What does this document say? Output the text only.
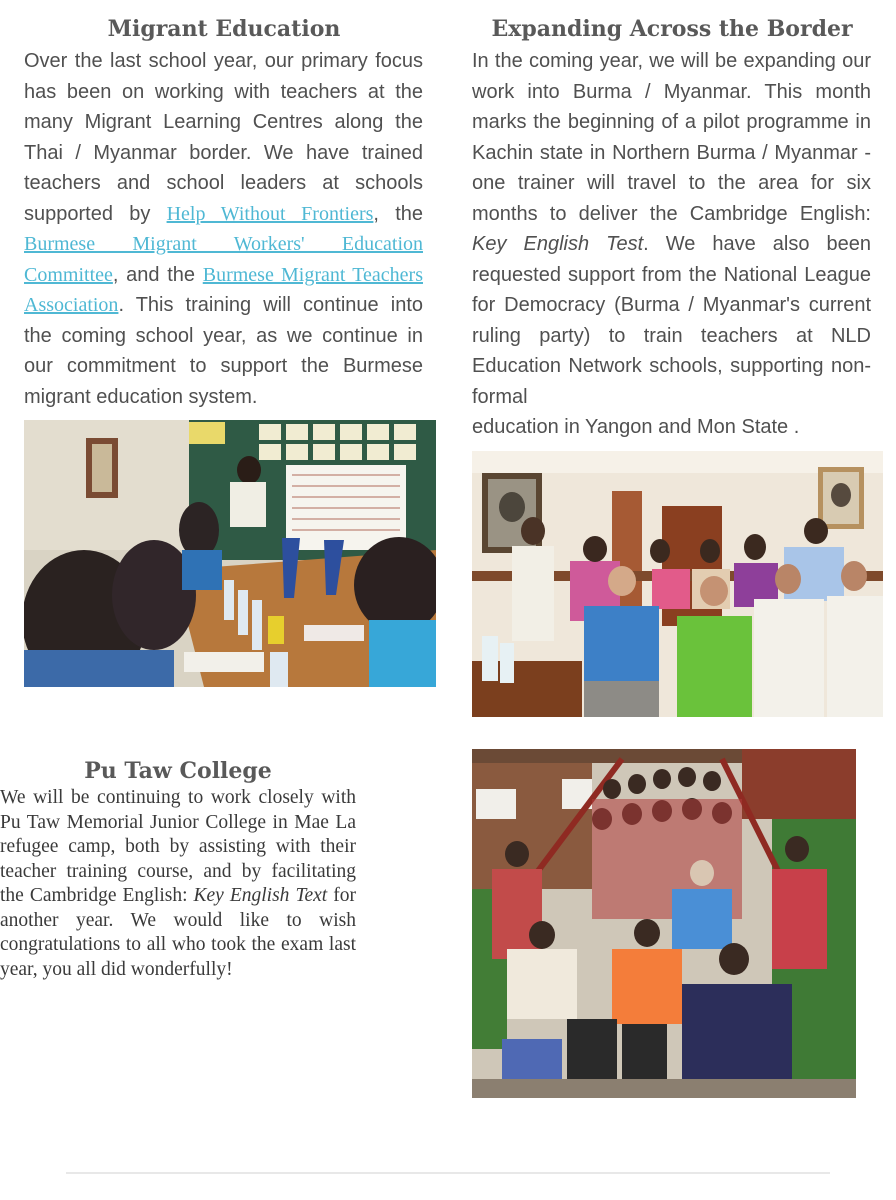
Migrant Education

Over the last school year, our primary focus has been on working with teachers at the many Migrant Learning Centres along the Thai / Myanmar border. We have trained teachers and school leaders at schools supported by Help Without Frontiers, the Burmese Migrant Workers' Education Committee, and the Burmese Migrant Teachers Association. This training will continue into the coming school year, as we continue in our commitment to support the Burmese migrant education system.

Expanding Across the Border

In the coming year, we will be expanding our work into Burma / Myanmar. This month marks the beginning of a pilot programme in Kachin state in Northern Burma / Myanmar - one trainer will travel to the area for six months to deliver the Cambridge English: Key English Test. We have also been requested support from the National League for Democracy (Burma / Myanmar's current ruling party) to train teachers at NLD Education Network schools, supporting non-formal
education in Yangon and Mon State .

Pu Taw College

We will be continuing to work closely with Pu Taw Memorial Junior College in Mae La refugee camp, both by assisting with their teacher training course, and by facilitating the Cambridge English: Key English Text for another year. We would like to wish congratulations to all who took the exam last year, you all did wonderfully!
